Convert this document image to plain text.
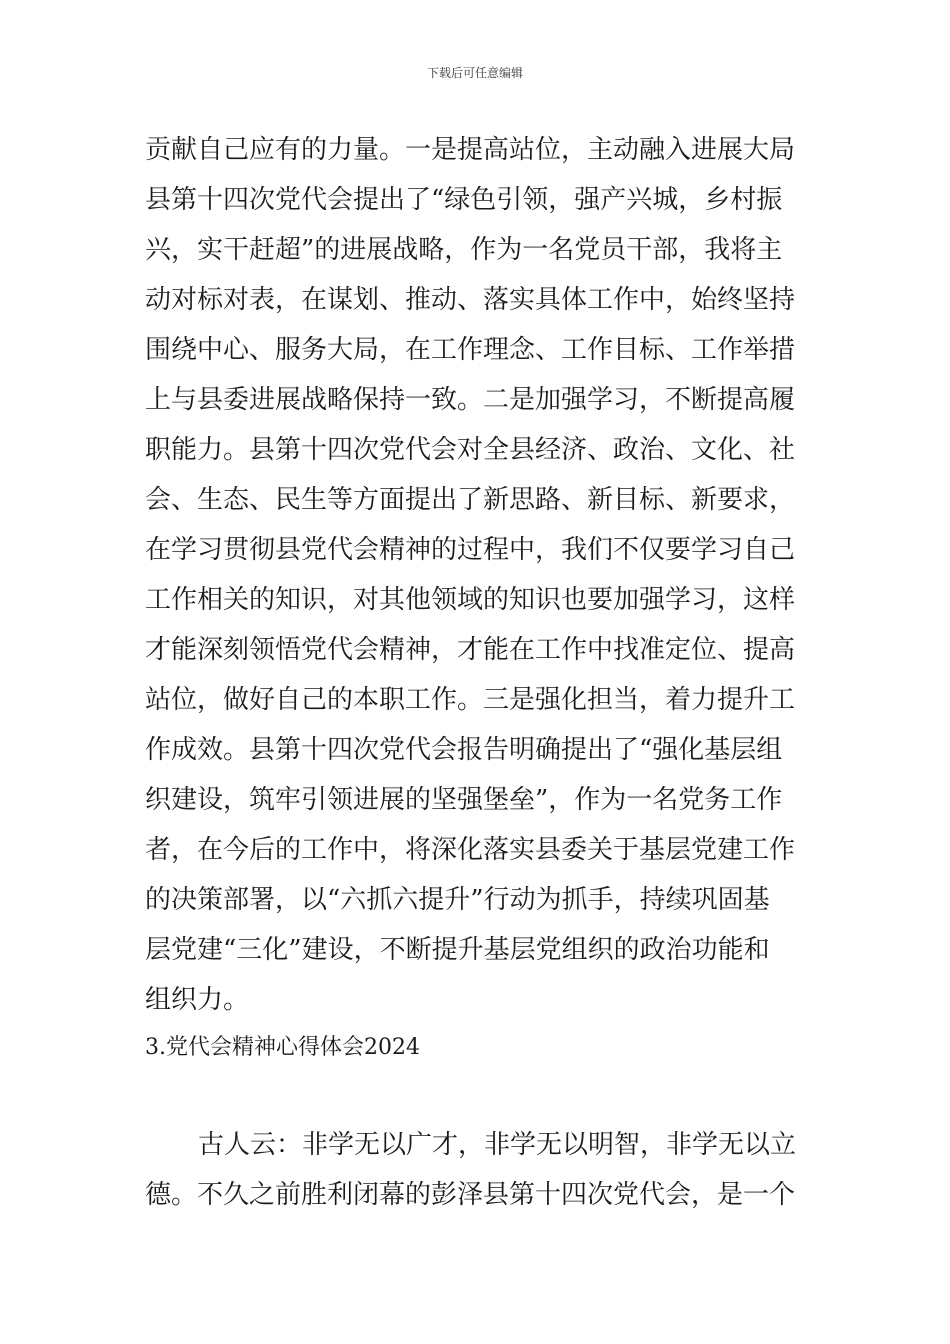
下载后可任意编辑
贡献自己应有的力量。一是提高站位，主动融入进展大局
县第十四次党代会提出了“绿色引领，强产兴城，乡村振
兴，实干赶超”的进展战略，作为一名党员干部，我将主
动对标对表，在谋划、推动、落实具体工作中，始终坚持
围绕中心、服务大局，在工作理念、工作目标、工作举措
上与县委进展战略保持一致。二是加强学习，不断提高履
职能力。县第十四次党代会对全县经济、政治、文化、社
会、生态、民生等方面提出了新思路、新目标、新要求，
在学习贯彻县党代会精神的过程中，我们不仅要学习自己
工作相关的知识，对其他领域的知识也要加强学习，这样
才能深刻领悟党代会精神，才能在工作中找准定位、提高
站位，做好自己的本职工作。三是强化担当，着力提升工
作成效。县第十四次党代会报告明确提出了“强化基层组
织建设，筑牢引领进展的坚强堡垒”，作为一名党务工作
者，在今后的工作中，将深化落实县委关于基层党建工作
的决策部署，以“六抓六提升”行动为抓手，持续巩固基
层党建“三化”建设，不断提升基层党组织的政治功能和
组织力。
3.党代会精神心得体会2024
古人云：非学无以广才，非学无以明智，非学无以立
德。不久之前胜利闭幕的彭泽县第十四次党代会，是一个
